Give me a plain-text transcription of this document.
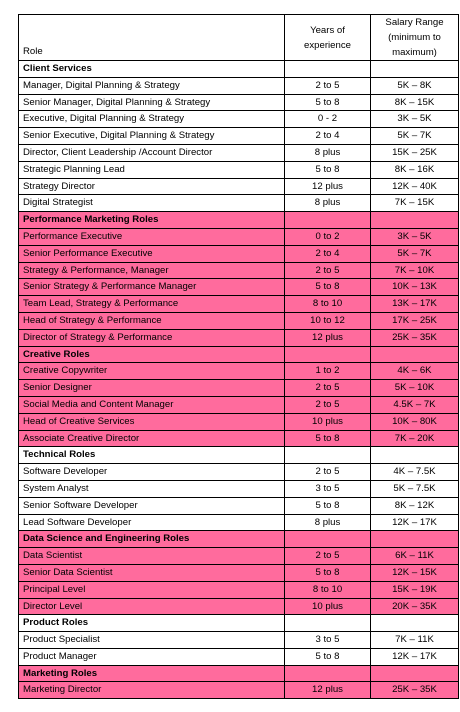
Role	Years of experience	Salary Range (minimum to maximum)
Client Services		
Manager, Digital Planning & Strategy	2 to 5	5K – 8K
Senior Manager, Digital Planning & Strategy	5 to 8	8K – 15K
Executive, Digital Planning & Strategy	0 - 2	3K – 5K
Senior Executive, Digital Planning & Strategy	2 to 4	5K – 7K
Director, Client Leadership /Account Director	8 plus	15K – 25K
Strategic Planning Lead	5 to 8	8K – 16K
Strategy Director	12 plus	12K – 40K
Digital Strategist	8 plus	7K – 15K
Performance Marketing Roles		
Performance Executive	0 to 2	3K – 5K
Senior Performance Executive	2 to 4	5K – 7K
Strategy & Performance, Manager	2 to 5	7K – 10K
Senior Strategy & Performance Manager	5 to 8	10K – 13K
Team Lead, Strategy & Performance	8 to 10	13K – 17K
Head of Strategy & Performance	10 to 12	17K – 25K
Director of Strategy & Performance	12 plus	25K – 35K
Creative Roles		
Creative Copywriter	1 to 2	4K – 6K
Senior Designer	2 to 5	5K – 10K
Social Media and Content Manager	2 to 5	4.5K – 7K
Head of Creative Services	10 plus	10K – 80K
Associate Creative Director	5 to 8	7K – 20K
Technical Roles		
Software Developer	2 to 5	4K – 7.5K
System Analyst	3 to 5	5K – 7.5K
Senior Software Developer	5 to 8	8K – 12K
Lead Software Developer	8 plus	12K – 17K
Data Science and Engineering Roles		
Data Scientist	2 to 5	6K – 11K
Senior Data Scientist	5 to 8	12K – 15K
Principal Level	8 to 10	15K – 19K
Director Level	10 plus	20K – 35K
Product Roles		
Product Specialist	3 to 5	7K – 11K
Product Manager	5 to 8	12K – 17K
Marketing Roles		
Marketing Director	12 plus	25K – 35K
